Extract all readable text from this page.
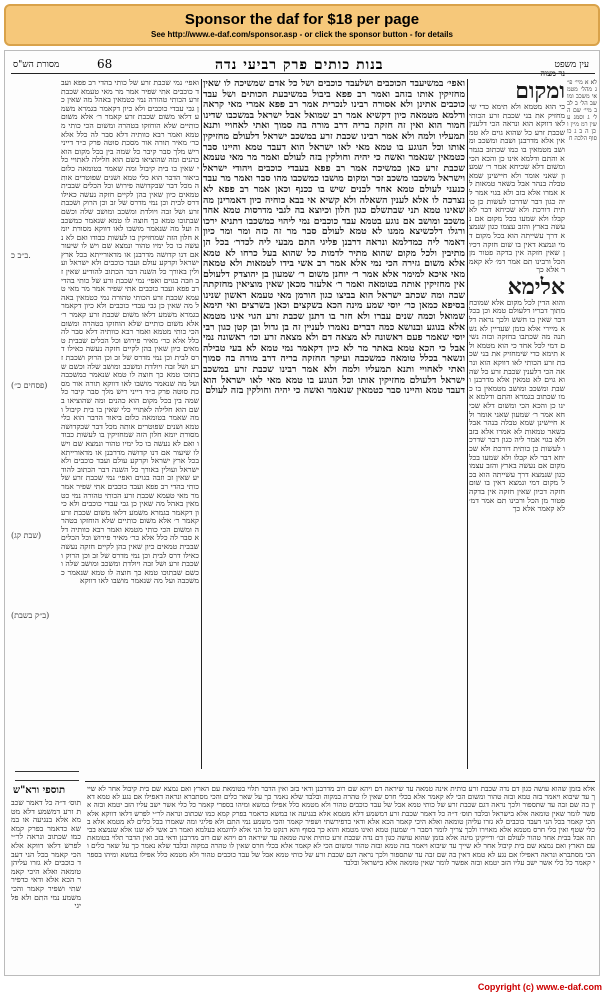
Sponsor the daf for $18 per page
See http://www.e-daf.com/sponsor.asp - or click the sponsor button - for details
מסורת הש"ס	68	בנות כותים פרק רביעי נדה	עין משפט
ב״ב כ.
(פסחים כ״)
(שבת קג)
(ב״ק בשבת)
ואפי׳ נמי שכבת זרע של כותי בהדי רב פפא ועבד כוכבים אתי שפיר אמר מר מאי טעמא שכבת זרע הכותי טהורה נמי כטמאין באהל מה שאין כן גבי עבדי כוכבים ולא כיון דקאמר בגמרא משמע דלאו משום שכבת זרע קאמר ר׳ אלא משום כותיים שלא הוחזקו בטהרה ומשום הכי כותי מטמא ואמר רבא כוותיה דלא סבר לה כלל אלא כר׳ מאיר תורה אור מסכת סוטה פרק כ״ד דייני ריש מלך סבר קיבר כל שמה בין בכל מקום הוא כהנים ומה שהוציאו בשם הוא חלילה לאתויי כלי שאין בו בית קיבול ומה שאמר בטומאה כלום ביאור הדבר הוא כלי טמא ושנים שפוטרים אותה מכל דבר שבקדושה פירוש וכל הכלים שבבית טמאים כיון שאין בהן לקיים חזקה נעשה כאילו דרס לבית וכן נמי מדרס של זב וכן הרוק ושכבת זרע ושל זבה ויולדת ומשכב ומושב שלה וכשם שבתוכו טמא כך חוצה לו טמא שנאמר כמשכבה ועל מה שנאמר מושבו לאו דווקא מסורת יומא חלון הזה שמחזיקין בו לעשות כבודו ואם לא נעשה בו כל ימיו טהור ונמצא שם ויש לו שיעור אם דנו קדושה מדרבנן או מדאורייתא בכל ארץ ישראל וקרקע עולם ועבד כוכבים ולא ישראל ועולין באורך כל השנה דבר הכתוב להודיע שאין זב וזבה בגוים ואפי׳ נמי שכבת זרע של כותי בהדי רב פפא ועבד כוכבים אתי שפיר אמר מר מאי טעמא שכבת זרע הכותי טהורה נמי כטמאין באהל מה שאין כן גבי עבדי כוכבים ולא כיון דקאמר בגמרא משמע דלאו משום שכבת זרע קאמר ר׳ אלא משום כותיים שלא הוחזקו בטהרה ומשום הכי כותי מטמא ואמר רבא כוותיה דלא סבר לה כלל אלא כר׳ מאיר פירוש וכל הכלים שבבית טמאים כיון שאין בהן לקיים חזקה נעשה כאילו דרס לבית וכן נמי מדרס של זב וכן הרוק ושכבת זרע ושל זבה ויולדת ומשכב ומושב שלה וכשם שבתוכו טמא כך חוצה לו טמא שנאמר כמשכבה ועל מה שנאמר מושבו לאו דווקא תורה אור מסכת סוטה פרק כ״ד דייני ריש מלך סבר קיבר כל שמה בין בכל מקום הוא כהנים ומה שהוציאו בשם הוא חלילה לאתויי כלי שאין בו בית קיבול ומה שאמר בטומאה כלום ביאור הדבר הוא כלי טמא ושנים שפוטרים אותה מכל דבר שבקדושה מסורת יומא חלון הזה שמחזיקין בו לעשות כבודו ואם לא נעשה בו כל ימיו טהור ונמצא שם ויש לו שיעור אם דנו קדושה מדרבנן או מדאורייתא בכל ארץ ישראל וקרקע עולם ועבד כוכבים ולא ישראל ועולין באורך כל השנה דבר הכתוב להודיע שאין זב וזבה בגוים ואפי׳ נמי שכבת זרע של כותי בהדי רב פפא ועבד כוכבים אתי שפיר אמר מר מאי טעמא שכבת זרע הכותי טהורה נמי כטמאין באהל מה שאין כן גבי עבדי כוכבים ולא כיון דקאמר בגמרא משמע דלאו משום שכבת זרע קאמר ר׳ אלא משום כותיים שלא הוחזקו בטהרה ומשום הכי כותי מטמא ואמר רבא כוותיה דלא סבר לה כלל אלא כר׳ מאיר פירוש וכל הכלים שבבית טמאים כיון שאין בהן לקיים חזקה נעשה כאילו דרס לבית וכן נמי מדרס של זב וכן הרוק ושכבת זרע ושל זבה ויולדת ומשכב ומושב שלה וכשם שבתוכו טמא כך חוצה לו טמא שנאמר כמשכבה ועל מה שנאמר מושבו לאו דווקא
תוספי ורא"ש
תוס׳ ד״ה כל דאמר שכבת זרע דמשמע דלא מטמא אלא בנגיעה או במשא כדאמר בפרק קמא כמו שכתוב ונראה לר״י לפרש דלאו דווקא אלא הכי קאמר בכל הני דעבד כוכבים לא גזרו עליהן טומאה ואלא היכי קאמר הכא אלא ודאי כדפירשתי ושפיר קאמר והכי משמע נמי התם ולא פליגי
ואפי׳ במשיעבד הכוכבים ושלעבד כוכבים ושל כל אדם שמשיכה לו שאין מחזיקין אותו בזהב ואמר רב פפא ביבול במשיבעת הכותים ושל עבד כוכבים אתינן ולא אסורה רבינו לנכרית אמר רב פפא אמרי מאי קראה ודלמא מטמאה כיון דקשיא אמר רב שמואל אבל ישראל במשכבו שדינו חמור הוא ואין זה חזקה בריה דרב מורה בה סמוך ואתי לאחויי ותנא תמעליו ולמה ולא אמר רבינו שכבת זרע במשכב ישראל דלעולם מחזיקין אותו וכל הנוגע בו טמא מאי לאו ישראל הוא דעבד טמא והיינו סבר כטמאין שנאמר ואשה כי יהיה וחולקין בזה לעולם ואמר מר מאי טעמא שכבת זרע כאן כמשיכה אמר רב פפא בעבדי כוכבים ויהודי ישראל וישראל משכבו משכב זכר ומקום מושבו כמשכבו מהו סבר ואמר מר עבד כנעני לעולם טמא אחד לבנים שיש בו ככנף וכאן אמר רב פפא לא נצרכה לו אלא לענין השאלה ולא קשיא אי בבא כוחיה כיון דאמרינן מה שאינו טמא תני שבתשלם כגון חלון וכיוצא בה לגבי מדרסות טמא אחד משכב ומושב אם נוגע בטמא עבד כוכבים נמי ליהוי כמשכבו דתניא ירכו ורגלו דלכשיצא ממנו לא טמא לעולם סבר מר זה כזה ומר ומר כיון דאמר ליה כמדלמא ונראה דרבנן פליגי התם מבעי ליה לכדר׳ בכל הן מתיבין ולכל מקום שהוא מתיר לדמות כל שהוא בעל כרחו לא טמא אלא משום גזירה הכי נמי אלא אמר רב אשי בידו לטמאות ולא טמאה מאי איכא למימר אלא אמר ר׳ יוחנן משום ר׳ שמעון בן יהוצדק דלעולם אין מחזיקין אותה בטומאה ואמר ר׳ אלעזר מכאן שאין מוציאין מחזקתה שבה ומה שכתב ישראל הוא בביצו כגון הורמן מאי טעמא ראשון שנינו בסיפא כמאן כר׳ יוסי שמע מינה הכא בשקצים וכאן בשרצים ואי תימא שמואל וכמה שנים עברו ולא חזר בו דתנן שכבת זרע הגוי אינו מטמא אלא בנוגע ובנושא כמה דברים נאמרו לעניין זה בן גדול ובן קטן כגון רבי יוסי שאמר פעם ראשונה לא מצאה דם ולא מצאה זרע וכו׳ ראשונה נמי אבל כי הכא טמא באתר מר לא כיון דקאמר נמי טמא לא בעי טבילה ונשאר בכלל טומאה כמשכבה ועיקר החזקה בריה דרב מורה בה סמוך ואתי לאחויי ותנא תמעליו ולמה ולא אמר רבינו שכבת זרע במשכב ישראל דלעולם מחזיקין אותו וכל הנוגע בו טמא מאי לאו ישראל הוא דעבד טמא והיינו סבר כטמאין שנאמר ואשה כי יהיה וחולקין בזה לעולם
ומקום
כי הוא מטמא ולא תימא כדי שימחזיק את בני שכבת זרע הכותי לאו דווקא הוא ונראה הכי דלענין שכבת זרע כל שהוא גוים לא טמאין אלא מדרבנן ושבת ומשכב ומושב מטמאין בו כמו שכתוב בגמרא והתם ודלמא אינו כן והכא הכי ומשום דלא שכיחא אמר ר׳ שמעון שאני אומר ולא חיישינן שמא טבלה בנהר אבל בשאר טמאות לא אמרו אלא בזב ולא בגוי אמר ליה כגון דבר שדרכו לעשות כן כותית דורכת ולא שכיחא דבר לא קבלו ולא שמעו בכל מקום אם נעשה בארץ והזב עצמו כגון שנמצא דרך עשייתה הוא בכל מקום דמי ונמצא דאין בו שום חזקה דכיון שאין חזקה אין בדקה פטור מן הכל ורבינו תם אמר דמ׳ לא קאמר אלא כך
אלימא
והוא הדין לכל מקום אלא שמוכח מתוך דבריו דלעולם טמא וכן בכל דבר שאין בו חשש ולכך נראה דלא מיירי אלא בזמן שעדיין לא נשתנה מה שכתבו בחזקה ובזה נשים דמי לכל אחד כי הוא מטמא ולא תימא כדי שימחזיק את בני שכבת זרע הכותי לאו דווקא הוא ונראה הכי דלענין שכבת זרע כל שהוא גוים לא טמאין אלא מדרבנן ושבת ומשכב ומושב מטמאין בו כמו שכתוב בגמרא והתם ודלמא אינו כן והכא הכי ומשום דלא שכיחא אמר ר׳ שמעון שאני אומר ולא חיישינן שמא טבלה בנהר אבל בשאר טמאות לא אמרו אלא בזב ולא בגוי אמר ליה כגון דבר שדרכו לעשות כן כותית דורכת ולא שכיחא דבר לא קבלו ולא שמעו בכל מקום אם נעשה בארץ והזב עצמו כגון שנמצא דרך עשייתה הוא בכל מקום דמי ונמצא דאין בו שום חזקה דכיון שאין חזקה אין בדקה פטור מן הכל ורבינו תם אמר דמ׳ לא קאמר אלא כך
לא א מיי׳ פ״ג מהל׳ מטמאי משכב ומושב הל׳ ב לב ב מיי׳ שם הל׳ ג וסמג עשין רמ מיין וכן ה ב ג כו סוף הלכה ח
אלא בזמן שהוא עושה כגון דם נדה שכבת זרע כותית אינה טמאה עד שיראה דם ויהא שם רוב מדרבנן ודאי בזב ואין הדבר תלוי בטומאת עם הארץ ואם נמצא שם בית קיבול אחר לא שייך עד שיבוא ויאמר בזה טמא ובזה טהור ומשום הכי לא קאמר אלא בכלי חרס שאין לו טהרה במקוה ובלבד שלא נאמר כך על שאר כלים והכי מסתברא ונראה דאפילו אם נגע לא טמא דאין בה שם זבה עד שתספור ולכך נראה דגם שכבת זרע של כותי טמא אבל של עבד כוכבים טהור ולא מטמא כלל אפילו במשא ומיהו בספרי קאמר כל כלי אשר ישב עליו הזב יטמא ובזה אפשר לומר שאין טומאה אלא בישראל ובלבד תוס׳ ד״ה כל דאמר שכבת זרע דמשמע דלא מטמא אלא בנגיעה או במשא כדאמר בפרק קמא כמו שכתוב ונראה לר״י לפרש דלאו דווקא אלא הכי קאמר בכל הני דעבד כוכבים לא גזרו עליהן טומאה ואלא היכי קאמר הכא אלא ודאי כדפירשתי ושפיר קאמר והכי משמע נמי התם ולא פליגי ומה שאמרו בכל כלים לא מטמא אלא בכלי שטף ואין כלי חרס מטמא אלא מאוירו ולכך צריך לומר דסבר ר׳ שמעון טמא ואינו מטמא והוא כך בסוף והא דנקט כל הני אלא לדוגמא בעלמא ואמר רב אשי לא שנו אלא שנמצא בביתה אבל בבית אחר טהור לעולם וכו׳ ודייקינן מינה אלא בזמן שהוא עושה כגון דם נדה שכבת זרע כותית אינה טמאה עד שיראה דם ויהא שם רוב מדרבנן ודאי בזב ואין הדבר תלוי בטומאת עם הארץ ואם נמצא שם בית קיבול אחר לא שייך עד שיבוא ויאמר בזה טמא ובזה טהור ומשום הכי לא קאמר אלא בכלי חרס שאין לו טהרה במקוה ובלבד שלא נאמר כך על שאר כלים והכי מסתברא ונראה דאפילו אם נגע לא טמא דאין בה שם זבה עד שתספור ולכך נראה דגם שכבת זרע של כותי טמא אבל של עבד כוכבים טהור ולא מטמא כלל אפילו במשא ומיהו בספרי קאמר כל כלי אשר ישב עליו הזב יטמא ובזה אפשר לומר שאין טומאה אלא בישראל ובלבד
Copyright (c) www.e-daf.com
